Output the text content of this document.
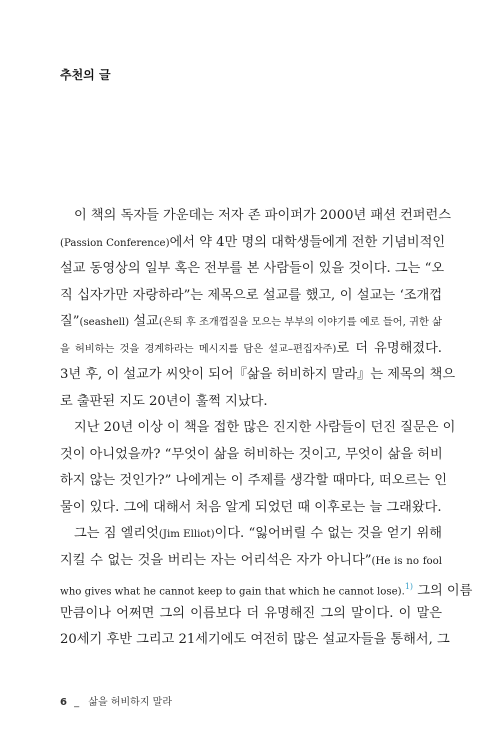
추천의 글
이 책의 독자들 가운데는 저자 존 파이퍼가 2000년 패션 컨퍼런스
(Passion Conference)에서 약 4만 명의 대학생들에게 전한 기념비적인
설교 동영상의 일부 혹은 전부를 본 사람들이 있을 것이다. 그는 “오
직 십자가만 자랑하라”는 제목으로 설교를 했고, 이 설교는 ‘조개껍
질”(seashell) 설교(은퇴 후 조개껍질을 모으는 부부의 이야기를 예로 들어, 귀한 삶
을 허비하는 것을 경계하라는 메시지를 담은 설교–편집자주)로 더 유명해졌다.
3년 후, 이 설교가 씨앗이 되어『삶을 허비하지 말라』는 제목의 책으
로 출판된 지도 20년이 훌쩍 지났다.
지난 20년 이상 이 책을 접한 많은 진지한 사람들이 던진 질문은 이
것이 아니었을까? “무엇이 삶을 허비하는 것이고, 무엇이 삶을 허비
하지 않는 것인가?” 나에게는 이 주제를 생각할 때마다, 떠오르는 인
물이 있다. 그에 대해서 처음 알게 되었던 때 이후로는 늘 그래왔다.
그는 짐 엘리엇(Jim Elliot)이다. “잃어버릴 수 없는 것을 얻기 위해
지킬 수 없는 것을 버리는 자는 어리석은 자가 아니다”(He is no fool
who gives what he cannot keep to gain that which he cannot lose).$^{1)}$ 그의 이름
만큼이나 어쩌면 그의 이름보다 더 유명해진 그의 말이다. 이 말은
20세기 후반 그리고 21세기에도 여전히 많은 설교자들을 통해서, 그
6 _ 삶을 허비하지 말라
